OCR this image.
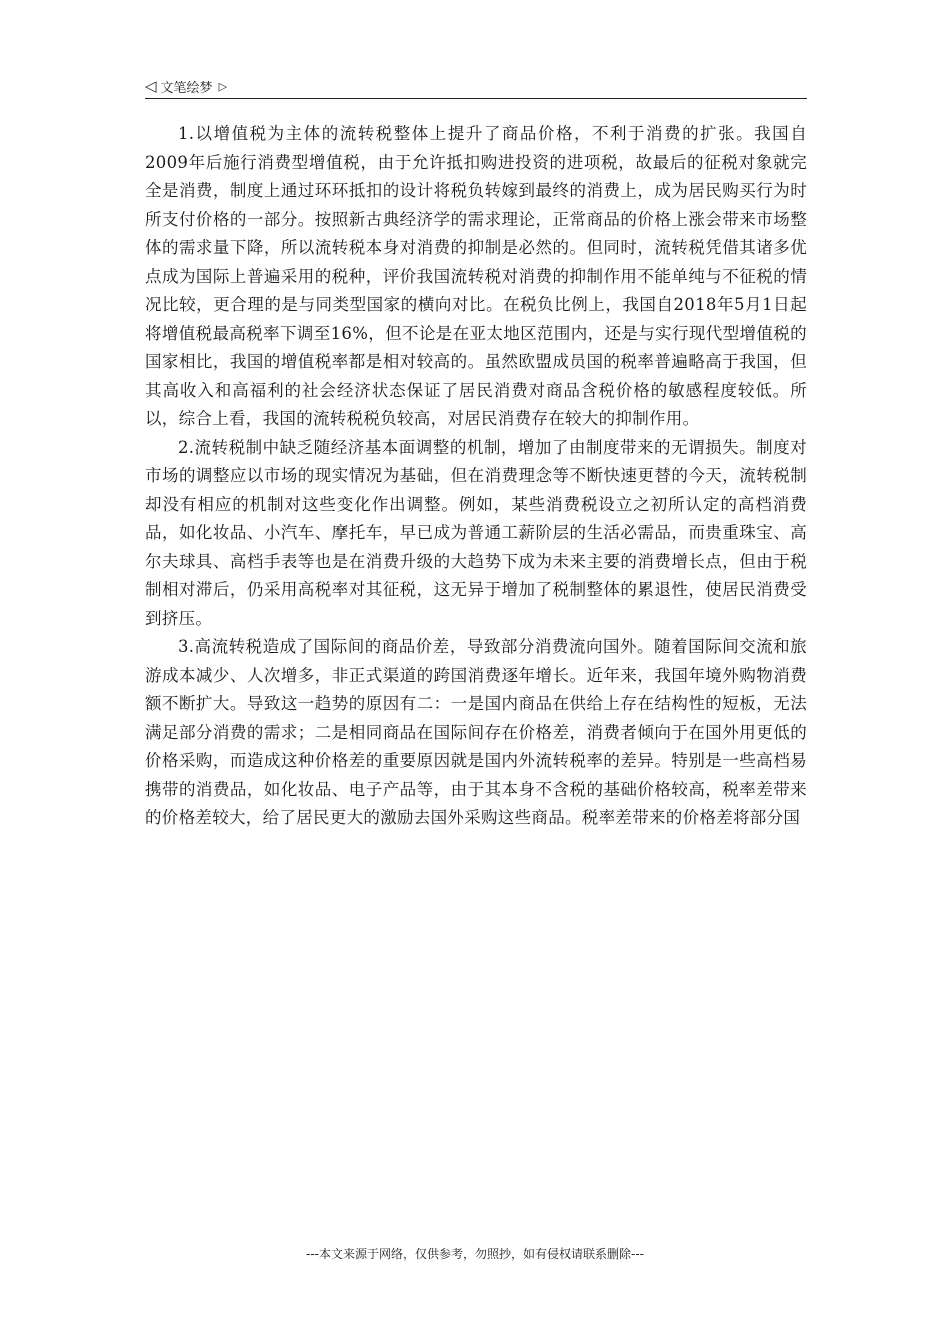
◁ 文笔绘梦 ▷

1.以增值税为主体的流转税整体上提升了商品价格，不利于消费的扩张。我国自2009年后施行消费型增值税，由于允许抵扣购进投资的进项税，故最后的征税对象就完全是消费，制度上通过环环抵扣的设计将税负转嫁到最终的消费上，成为居民购买行为时所支付价格的一部分。按照新古典经济学的需求理论，正常商品的价格上涨会带来市场整体的需求量下降，所以流转税本身对消费的抑制是必然的。但同时，流转税凭借其诸多优点成为国际上普遍采用的税种，评价我国流转税对消费的抑制作用不能单纯与不征税的情况比较，更合理的是与同类型国家的横向对比。在税负比例上，我国自2018年5月1日起将增值税最高税率下调至16%，但不论是在亚太地区范围内，还是与实行现代型增值税的国家相比，我国的增值税率都是相对较高的。虽然欧盟成员国的税率普遍略高于我国，但其高收入和高福利的社会经济状态保证了居民消费对商品含税价格的敏感程度较低。所以，综合上看，我国的流转税税负较高，对居民消费存在较大的抑制作用。

2.流转税制中缺乏随经济基本面调整的机制，增加了由制度带来的无谓损失。制度对市场的调整应以市场的现实情况为基础，但在消费理念等不断快速更替的今天，流转税制却没有相应的机制对这些变化作出调整。例如，某些消费税设立之初所认定的高档消费品，如化妆品、小汽车、摩托车，早已成为普通工薪阶层的生活必需品，而贵重珠宝、高尔夫球具、高档手表等也是在消费升级的大趋势下成为未来主要的消费增长点，但由于税制相对滞后，仍采用高税率对其征税，这无异于增加了税制整体的累退性，使居民消费受到挤压。

3.高流转税造成了国际间的商品价差，导致部分消费流向国外。随着国际间交流和旅游成本减少、人次增多，非正式渠道的跨国消费逐年增长。近年来，我国年境外购物消费额不断扩大。导致这一趋势的原因有二：一是国内商品在供给上存在结构性的短板，无法满足部分消费的需求；二是相同商品在国际间存在价格差，消费者倾向于在国外用更低的价格采购，而造成这种价格差的重要原因就是国内外流转税率的差异。特别是一些高档易携带的消费品，如化妆品、电子产品等，由于其本身不含税的基础价格较高，税率差带来的价格差较大，给了居民更大的激励去国外采购这些商品。税率差带来的价格差将部分国

---本文来源于网络，仅供参考，勿照抄，如有侵权请联系删除---
